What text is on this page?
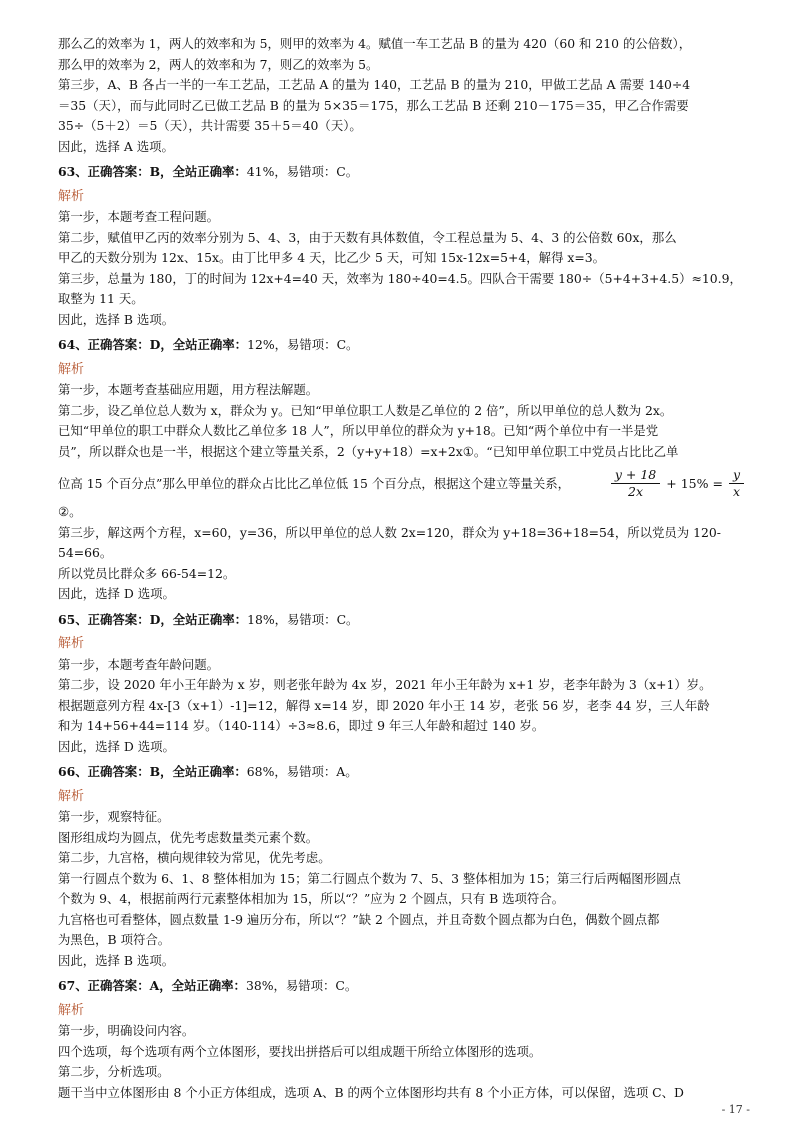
那么乙的效率为 1，两人的效率和为 5，则甲的效率为 4。赋值一车工艺品 B 的量为 420（60 和 210 的公倍数），

那么甲的效率为 2，两人的效率和为 7，则乙的效率为 5。

第三步，A、B 各占一半的一车工艺品，工艺品 A 的量为 140，工艺品 B 的量为 210，甲做工艺品 A 需要 140÷4

＝35（天），而与此同时乙已做工艺品 B 的量为 5×35＝175，那么工艺品 B 还剩 210－175＝35，甲乙合作需要

35÷（5＋2）＝5（天），共计需要 35＋5＝40（天）。

因此，选择 A 选项。

63、正确答案：B，全站正确率：41%，易错项：C。

解析

第一步，本题考查工程问题。

第二步，赋值甲乙丙的效率分别为 5、4、3，由于天数有具体数值，令工程总量为 5、4、3 的公倍数 60x，那么

甲乙的天数分别为 12x、15x。由丁比甲多 4 天，比乙少 5 天，可知 15x-12x=5+4，解得 x=3。

第三步，总量为 180，丁的时间为 12x+4=40 天，效率为 180÷40=4.5。四队合干需要 180÷（5+4+3+4.5）≈10.9，

取整为 11 天。

因此，选择 B 选项。

64、正确答案：D，全站正确率：12%，易错项：C。

解析

第一步，本题考查基础应用题，用方程法解题。

第二步，设乙单位总人数为 x，群众为 y。已知“甲单位职工人数是乙单位的 2 倍”，所以甲单位的总人数为 2x。

已知“甲单位的职工中群众人数比乙单位多 18 人”，所以甲单位的群众为 y+18。已知“两个单位中有一半是党

员”，所以群众也是一半，根据这个建立等量关系，2（y+y+18）=x+2x①。“已知甲单位职工中党员占比比乙单

位高 15 个百分点”那么甲单位的群众占比比乙单位低 15 个百分点，根据这个建立等量关系，	$\frac{y + 18}{2x} + 15\% = \frac{y}{x}$

②。

第三步，解这两个方程，x=60，y=36，所以甲单位的总人数 2x=120，群众为 y+18=36+18=54，所以党员为 120-54=66。

所以党员比群众多 66-54=12。

因此，选择 D 选项。

65、正确答案：D，全站正确率：18%，易错项：C。

解析

第一步，本题考查年龄问题。

第二步，设 2020 年小王年龄为 x 岁，则老张年龄为 4x 岁，2021 年小王年龄为 x+1 岁，老李年龄为 3（x+1）岁。

根据题意列方程 4x-[3（x+1）-1]=12，解得 x=14 岁，即 2020 年小王 14 岁，老张 56 岁，老李 44 岁，三人年龄

和为 14+56+44=114 岁。（140-114）÷3≈8.6，即过 9 年三人年龄和超过 140 岁。

因此，选择 D 选项。

66、正确答案：B，全站正确率：68%，易错项：A。

解析

第一步，观察特征。

图形组成均为圆点，优先考虑数量类元素个数。

第二步，九宫格，横向规律较为常见，优先考虑。

第一行圆点个数为 6、1、8 整体相加为 15；第二行圆点个数为 7、5、3 整体相加为 15；第三行后两幅图形圆点

个数为 9、4，根据前两行元素整体相加为 15，所以“？”应为 2 个圆点，只有 B 选项符合。

九宫格也可看整体，圆点数量 1-9 遍历分布，所以“？”缺 2 个圆点，并且奇数个圆点都为白色，偶数个圆点都

为黑色，B 项符合。

因此，选择 B 选项。

67、正确答案：A，全站正确率：38%，易错项：C。

解析

第一步，明确设问内容。

四个选项，每个选项有两个立体图形，要找出拼搭后可以组成题干所给立体图形的选项。

第二步，分析选项。

题干当中立体图形由 8 个小正方体组成，选项 A、B 的两个立体图形均共有 8 个小正方体，可以保留，选项 C、D

- 17 -
